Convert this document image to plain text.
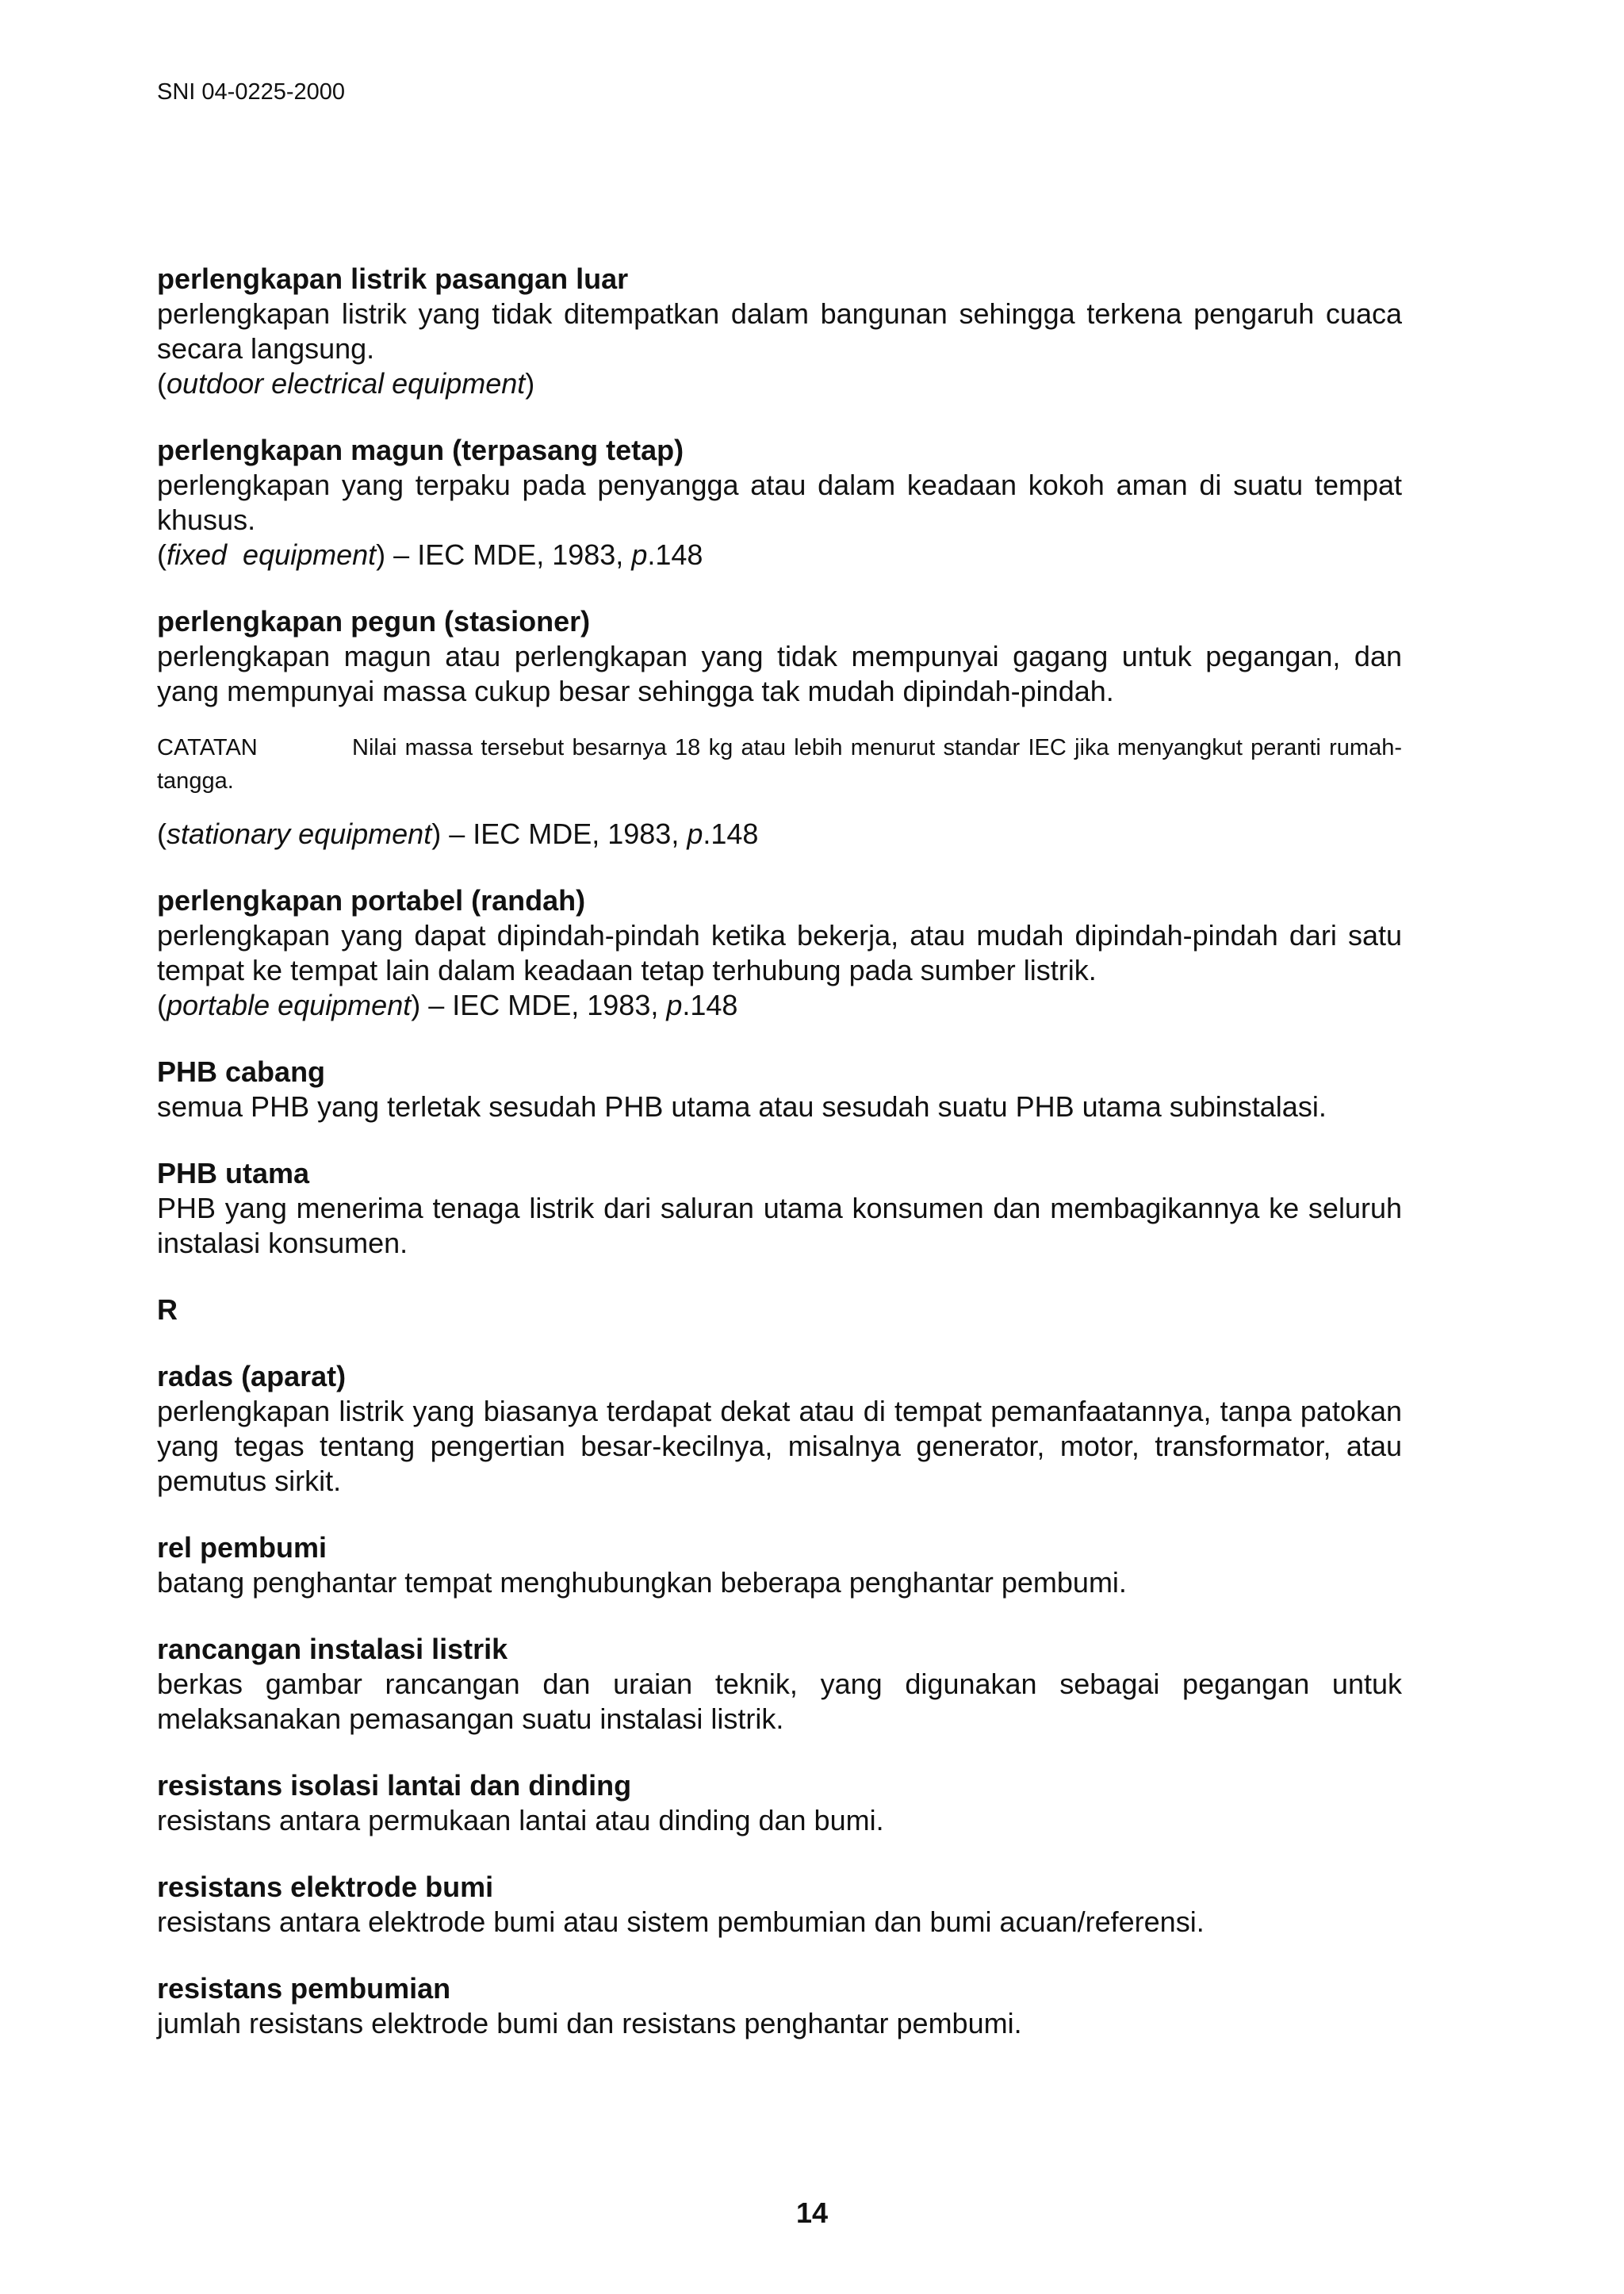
SNI 04-0225-2000
perlengkapan listrik pasangan luar
perlengkapan listrik yang tidak ditempatkan dalam bangunan sehingga terkena pengaruh cuaca secara langsung.
(outdoor electrical equipment)
perlengkapan magun (terpasang tetap)
perlengkapan yang terpaku pada penyangga atau dalam keadaan kokoh aman di suatu tempat khusus.
(fixed  equipment) – IEC MDE, 1983, p.148
perlengkapan pegun (stasioner)
perlengkapan magun atau perlengkapan yang tidak mempunyai gagang untuk pegangan, dan yang mempunyai massa cukup besar sehingga tak mudah dipindah-pindah.
CATATAN	Nilai massa tersebut besarnya 18 kg atau lebih menurut standar IEC jika menyangkut peranti rumah-tangga.
(stationary equipment) – IEC MDE, 1983, p.148
perlengkapan portabel (randah)
perlengkapan yang dapat dipindah-pindah ketika bekerja, atau mudah dipindah-pindah dari satu tempat ke tempat lain dalam keadaan tetap terhubung pada sumber listrik.
(portable equipment) – IEC MDE, 1983, p.148
PHB cabang
semua PHB yang terletak sesudah PHB utama atau sesudah suatu PHB utama subinstalasi.
PHB utama
PHB yang menerima tenaga listrik dari saluran utama konsumen dan membagikannya ke seluruh instalasi konsumen.
R
radas (aparat)
perlengkapan listrik yang biasanya terdapat dekat atau di tempat pemanfaatannya, tanpa patokan yang tegas tentang pengertian besar-kecilnya, misalnya generator, motor, transformator, atau pemutus sirkit.
rel pembumi
batang penghantar tempat menghubungkan beberapa penghantar pembumi.
rancangan instalasi listrik
berkas gambar rancangan dan uraian teknik, yang digunakan sebagai pegangan untuk melaksanakan pemasangan suatu instalasi listrik.
resistans isolasi lantai dan dinding
resistans antara permukaan lantai atau dinding dan bumi.
resistans elektrode bumi
resistans antara elektrode bumi atau sistem pembumian dan bumi acuan/referensi.
resistans pembumian
jumlah resistans elektrode bumi dan resistans penghantar pembumi.
14
